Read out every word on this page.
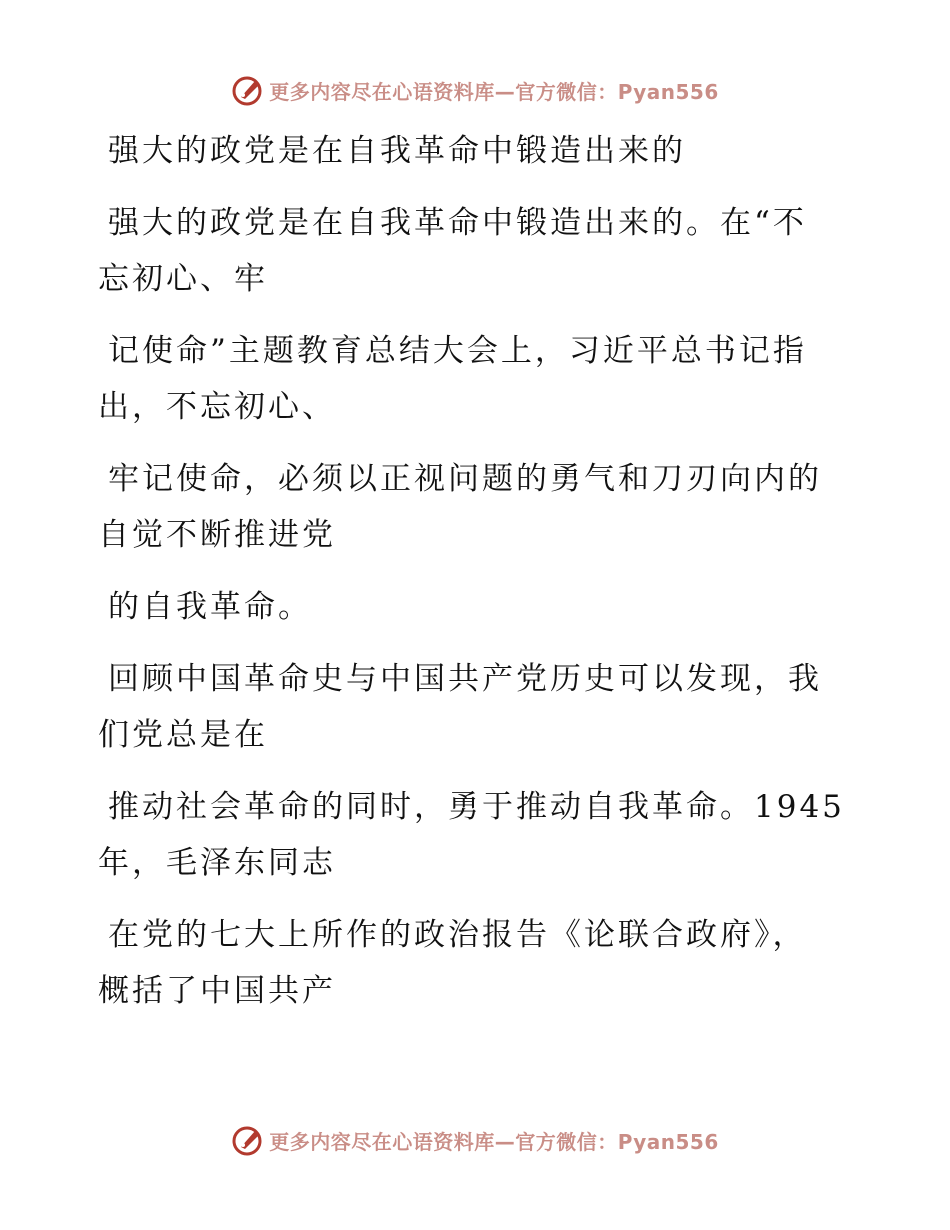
更多内容尽在心语资料库—官方微信：Pyan556

强大的政党是在自我革命中锻造出来的

强大的政党是在自我革命中锻造出来的。在“不
忘初心、牢

记使命”主题教育总结大会上，习近平总书记指
出，不忘初心、

牢记使命，必须以正视问题的勇气和刀刃向内的
自觉不断推进党

的自我革命。

回顾中国革命史与中国共产党历史可以发现，我
们党总是在

推动社会革命的同时，勇于推动自我革命。1945
年，毛泽东同志

在党的七大上所作的政治报告《论联合政府》，
概括了中国共产

更多内容尽在心语资料库—官方微信：Pyan556
